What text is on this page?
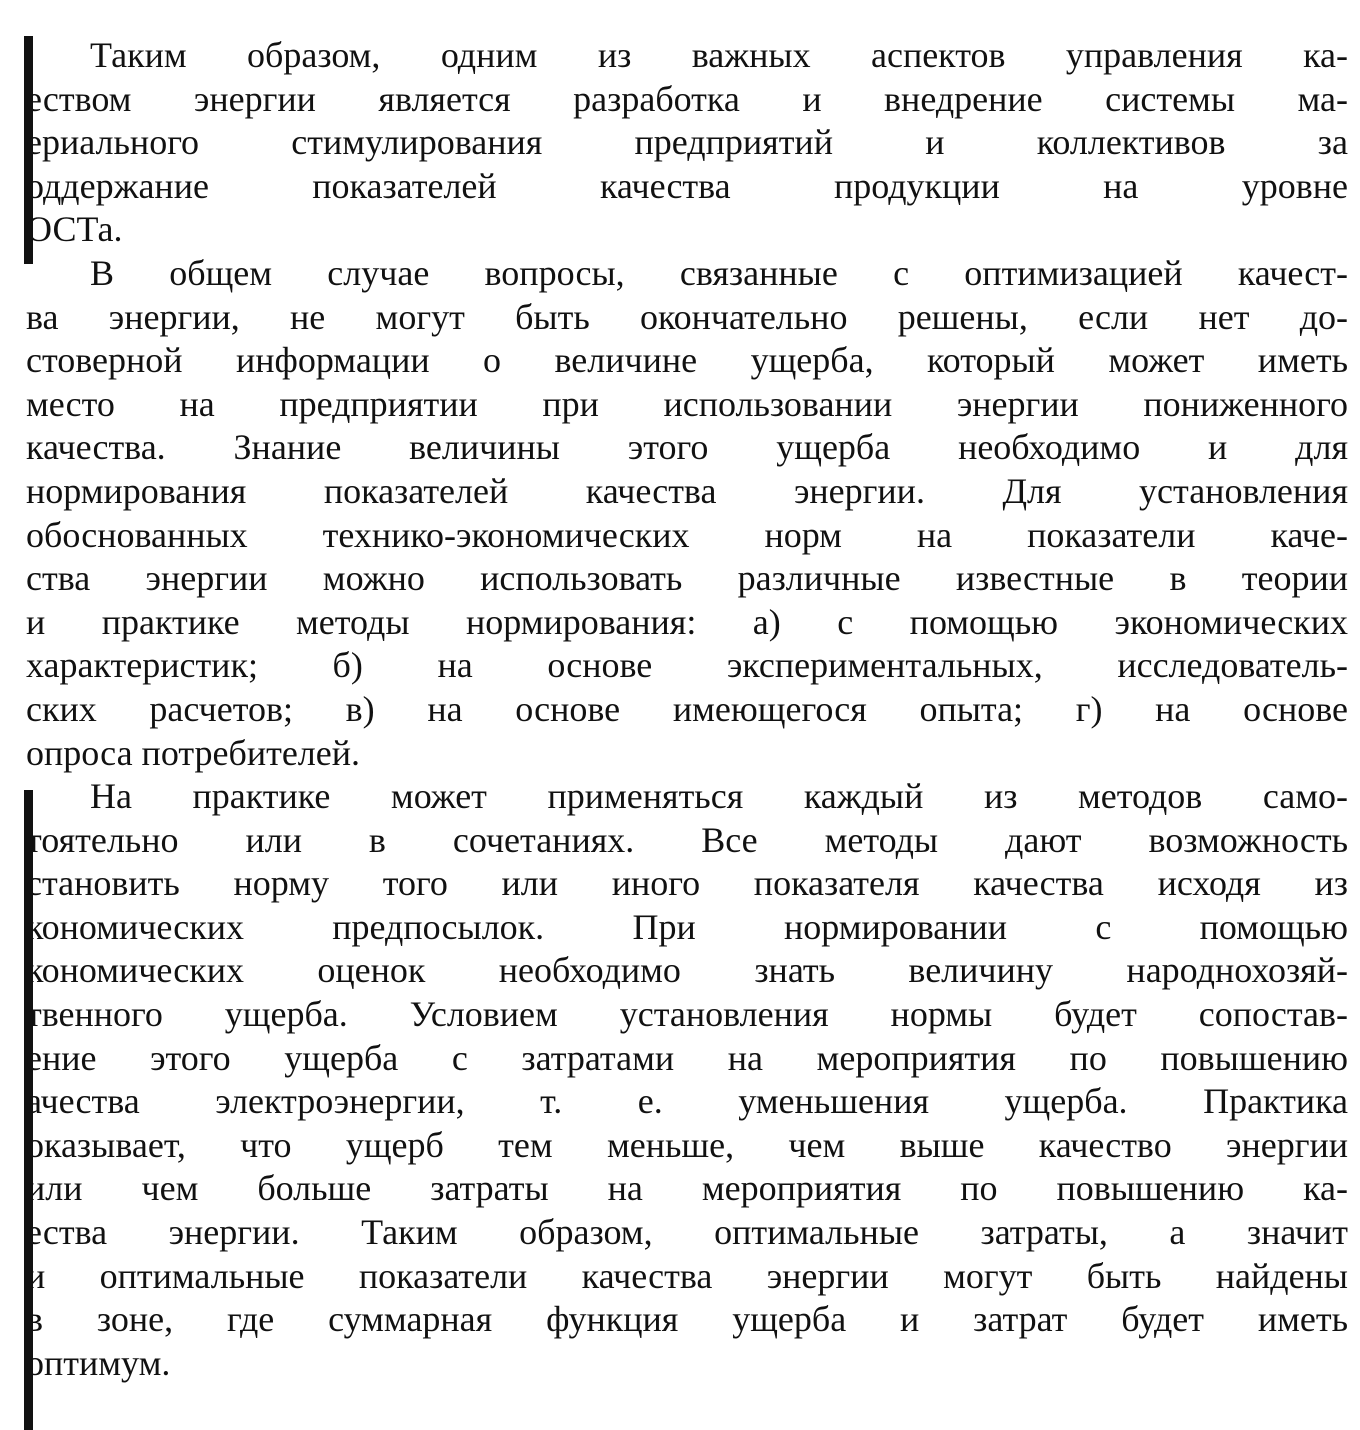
Таким образом, одним из важных аспектов управления ка-
еством энергии является разработка и внедрение системы ма-
ериального стимулирования предприятий и коллективов за
оддержание показателей качества продукции на уровне
ОСТа.
В общем случае вопросы, связанные с оптимизацией качест-
ва энергии, не могут быть окончательно решены, если нет до-
стоверной информации о величине ущерба, который может иметь
место на предприятии при использовании энергии пониженного
качества. Знание величины этого ущерба необходимо и для
нормирования показателей качества энергии. Для установления
обоснованных технико-экономических норм на показатели каче-
ства энергии можно использовать различные известные в теории
и практике методы нормирования: а) с помощью экономических
характеристик; б) на основе экспериментальных, исследователь-
ских расчетов; в) на основе имеющегося опыта; г) на основе
опроса потребителей.
На практике может применяться каждый из методов само-
тоятельно или в сочетаниях. Все методы дают возможность
становить норму того или иного показателя качества исходя из
кономических предпосылок. При нормировании с помощью
кономических оценок необходимо знать величину народнохозяй-
твенного ущерба. Условием установления нормы будет сопостав-
ение этого ущерба с затратами на мероприятия по повышению
ачества электроэнергии, т. е. уменьшения ущерба. Практика
оказывает, что ущерб тем меньше, чем выше качество энергии
или чем больше затраты на мероприятия по повышению ка-
ества энергии. Таким образом, оптимальные затраты, а значит
и оптимальные показатели качества энергии могут быть найдены
в зоне, где суммарная функция ущерба и затрат будет иметь
оптимум.
